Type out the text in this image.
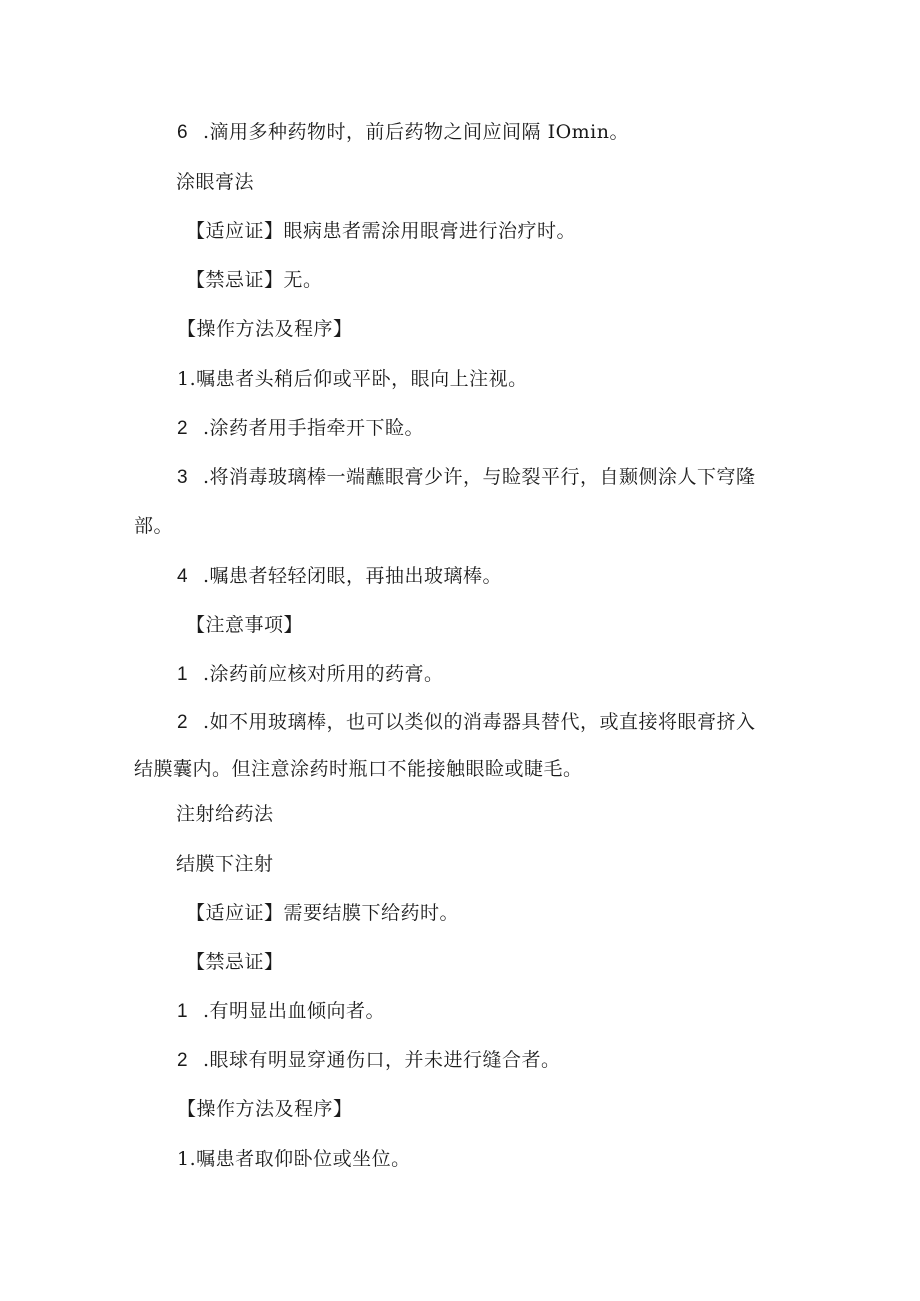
6 .滴用多种药物时，前后药物之间应间隔 IOmin。
涂眼膏法
【适应证】眼病患者需涂用眼膏进行治疗时。
【禁忌证】无。
【操作方法及程序】
1.嘱患者头稍后仰或平卧，眼向上注视。
2 .涂药者用手指牵开下睑。
3 .将消毒玻璃棒一端蘸眼膏少许，与睑裂平行，自颞侧涂人下穹隆
部。
4 .嘱患者轻轻闭眼，再抽出玻璃棒。
【注意事项】
1 .涂药前应核对所用的药膏。
2 .如不用玻璃棒，也可以类似的消毒器具替代，或直接将眼膏挤入
结膜囊内。但注意涂药时瓶口不能接触眼睑或睫毛。
注射给药法
结膜下注射
【适应证】需要结膜下给药时。
【禁忌证】
1 .有明显出血倾向者。
2 .眼球有明显穿通伤口，并未进行缝合者。
【操作方法及程序】
1.嘱患者取仰卧位或坐位。
